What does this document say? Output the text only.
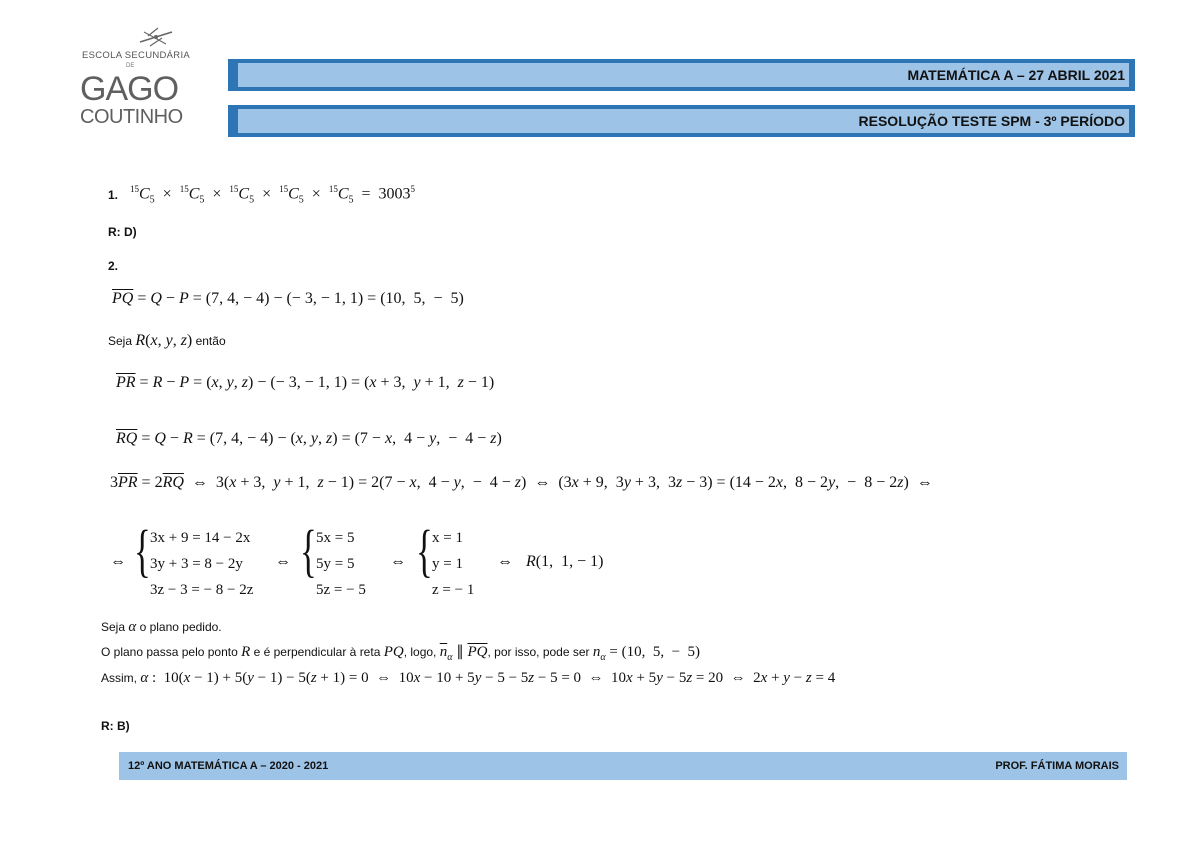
ESCOLA SECUNDÁRIA
DE
GAGO
COUTINHO
MATEMÁTICA A – 27 ABRIL 2021
RESOLUÇÃO TESTE SPM - 3º PERÍODO
1. $^{15}C_5 \times ^{15}C_5 \times ^{15}C_5 \times ^{15}C_5 \times ^{15}C_5 = 3003^5$
R: D)
2.
$\overline{PQ} = Q - P = (7$, 4, − 4) − (− 3, − 1, 1) = (10,  5,  −  5)
Seja R(x, y, z) então
$\overline{PR} = R - P = (x$, y, z) − (− 3, − 1, 1) = (x + 3,  y + 1,  z − 1)
$\overline{RQ} = Q - R = (7$, 4, − 4) − (x, y, z) = (7 − x,  4 − y,  −  4 − z)
$3\overline{PR} = 2\overline{RQ}$  ⇔  3(x + 3,  y + 1,  z − 1) = 2(7 − x,  4 − y,  −  4 − z)  ⇔  (3x + 9,  3y + 3,  3z − 3) = (14 − 2x,  8 − 2y,  −  8 − 2z)  ⇔
⇔ { 3x + 9 = 14 − 2x
3y + 3 = 8 − 2y
3z − 3 = − 8 − 2z
⇔ { 5x = 5
5y = 5
5z = − 5
⇔ { x = 1
y = 1
z = − 1
⇔ R(1,  1, − 1)
Seja α o plano pedido.
O plano passa pelo ponto R e é perpendicular à reta PQ, logo, $\overline{n}_\alpha$ ∥ $\overline{PQ}$, por isso, pode ser $n_\alpha = (10$,  5,  −  5)
Assim, α :  10(x − 1) + 5(y − 1) − 5(z + 1) = 0  ⇔  10x − 10 + 5y − 5 − 5z − 5 = 0  ⇔  10x + 5y − 5z = 20  ⇔  2x + y − z = 4
R: B)
12º ANO MATEMÁTICA A – 2020 - 2021	PROF. FÁTIMA MORAIS
